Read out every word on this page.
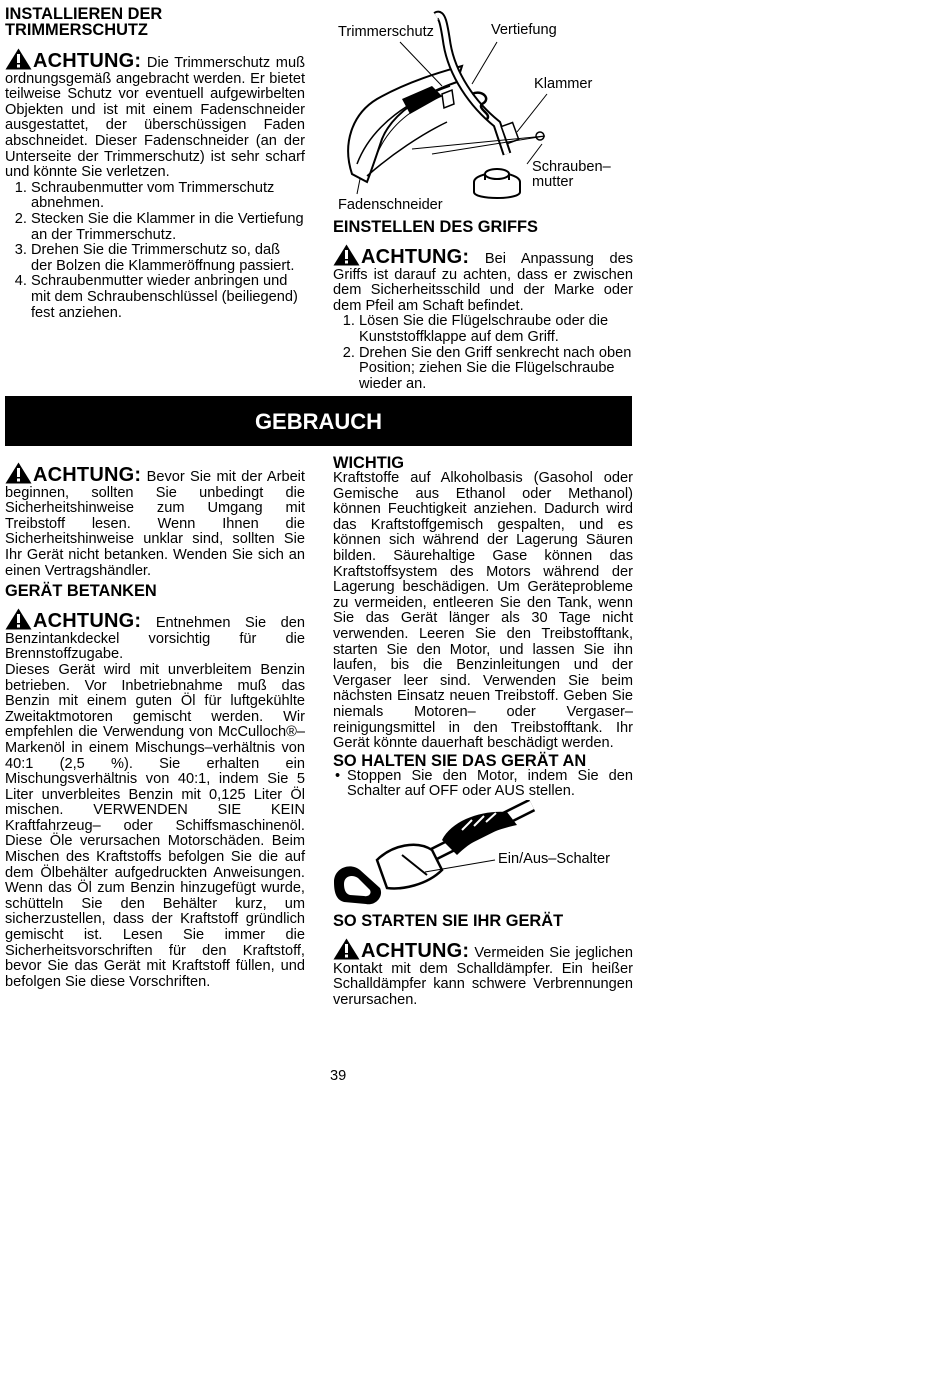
INSTALLIEREN DER
TRIMMERSCHUTZ

ACHTUNG: Die Trimmerschutz muß ordnungsgemäß angebracht werden. Er bietet teilweise Schutz vor eventuell aufgewirbelten Objekten und ist mit einem Fadenschneider ausgestattet, der überschüssigen Faden abschneidet. Dieser Fadenschneider (an der Unterseite der Trimmerschutz) ist sehr scharf und könnte Sie verletzen.

1. Schraubenmutter vom Trimmerschutz abnehmen.
2. Stecken Sie die Klammer in die Vertiefung an der Trimmerschutz.
3. Drehen Sie die Trimmerschutz so, daß der Bolzen die Klammeröffnung passiert.
4. Schraubenmutter wieder anbringen und mit dem Schraubenschlüssel (beiliegend) fest anziehen.
Trimmerschutz	Vertiefung
Klammer
Schrauben–
mutter
Fadenschneider

EINSTELLEN DES GRIFFS

ACHTUNG: Bei Anpassung des Griffs ist darauf zu achten, dass er zwischen dem Sicherheitsschild und der Marke oder dem Pfeil am Schaft befindet.

1. Lösen Sie die Flügelschraube oder die Kunststoffklappe auf dem Griff.
2. Drehen Sie den Griff senkrecht nach oben Position; ziehen Sie die Flügelschraube wieder an.
GEBRAUCH

ACHTUNG: Bevor Sie mit der Arbeit beginnen, sollten Sie unbedingt die Sicherheitshinweise zum Umgang mit Treibstoff lesen. Wenn Ihnen die Sicherheitshinweise unklar sind, sollten Sie Ihr Gerät nicht betanken. Wenden Sie sich an einen Vertragshändler.

GERÄT BETANKEN

ACHTUNG: Entnehmen Sie den Benzintankdeckel vorsichtig für die Brennstoffzugabe.

Dieses Gerät wird mit unverbleitem Benzin betrieben. Vor Inbetriebnahme muß das Benzin mit einem guten Öl für luftgekühlte Zweitaktmotoren gemischt werden. Wir empfehlen die Verwendung von McCulloch®–Markenöl in einem Mischungs–verhältnis von 40:1 (2,5 %). Sie erhalten ein Mischungsverhältnis von 40:1, indem Sie 5 Liter unverbleites Benzin mit 0,125 Liter Öl mischen. VERWENDEN SIE KEIN Kraftfahrzeug– oder Schiffsmaschinenöl. Diese Öle verursachen Motorschäden. Beim Mischen des Kraftstoffs befolgen Sie die auf dem Ölbehälter aufgedruckten Anweisungen. Wenn das Öl zum Benzin hinzugefügt wurde, schütteln Sie den Behälter kurz, um sicherzustellen, dass der Kraftstoff gründlich gemischt ist. Lesen Sie immer die Sicherheitsvorschriften für den Kraftstoff, bevor Sie das Gerät mit Kraftstoff füllen, und befolgen Sie diese Vorschriften.

WICHTIG

Kraftstoffe auf Alkoholbasis (Gasohol oder Gemische aus Ethanol oder Methanol) können Feuchtigkeit anziehen. Dadurch wird das Kraftstoffgemisch gespalten, und es können sich während der Lagerung Säuren bilden. Säurehaltige Gase können das Kraftstoffsystem des Motors während der Lagerung beschädigen. Um Geräteprobleme zu vermeiden, entleeren Sie den Tank, wenn Sie das Gerät länger als 30 Tage nicht verwenden. Leeren Sie den Treibstofftank, starten Sie den Motor, und lassen Sie ihn laufen, bis die Benzinleitungen und der Vergaser leer sind. Verwenden Sie beim nächsten Einsatz neuen Treibstoff. Geben Sie niemals Motoren– oder Vergaser–reinigungsmittel in den Treibstofftank. Ihr Gerät könnte dauerhaft beschädigt werden.

SO HALTEN SIE DAS GERÄT AN

• Stoppen Sie den Motor, indem Sie den Schalter auf OFF oder AUS stellen.
Ein/Aus–Schalter

SO STARTEN SIE IHR GERÄT

ACHTUNG: Vermeiden Sie jeglichen Kontakt mit dem Schalldämpfer. Ein heißer Schalldämpfer kann schwere Verbrennungen verursachen.

39
